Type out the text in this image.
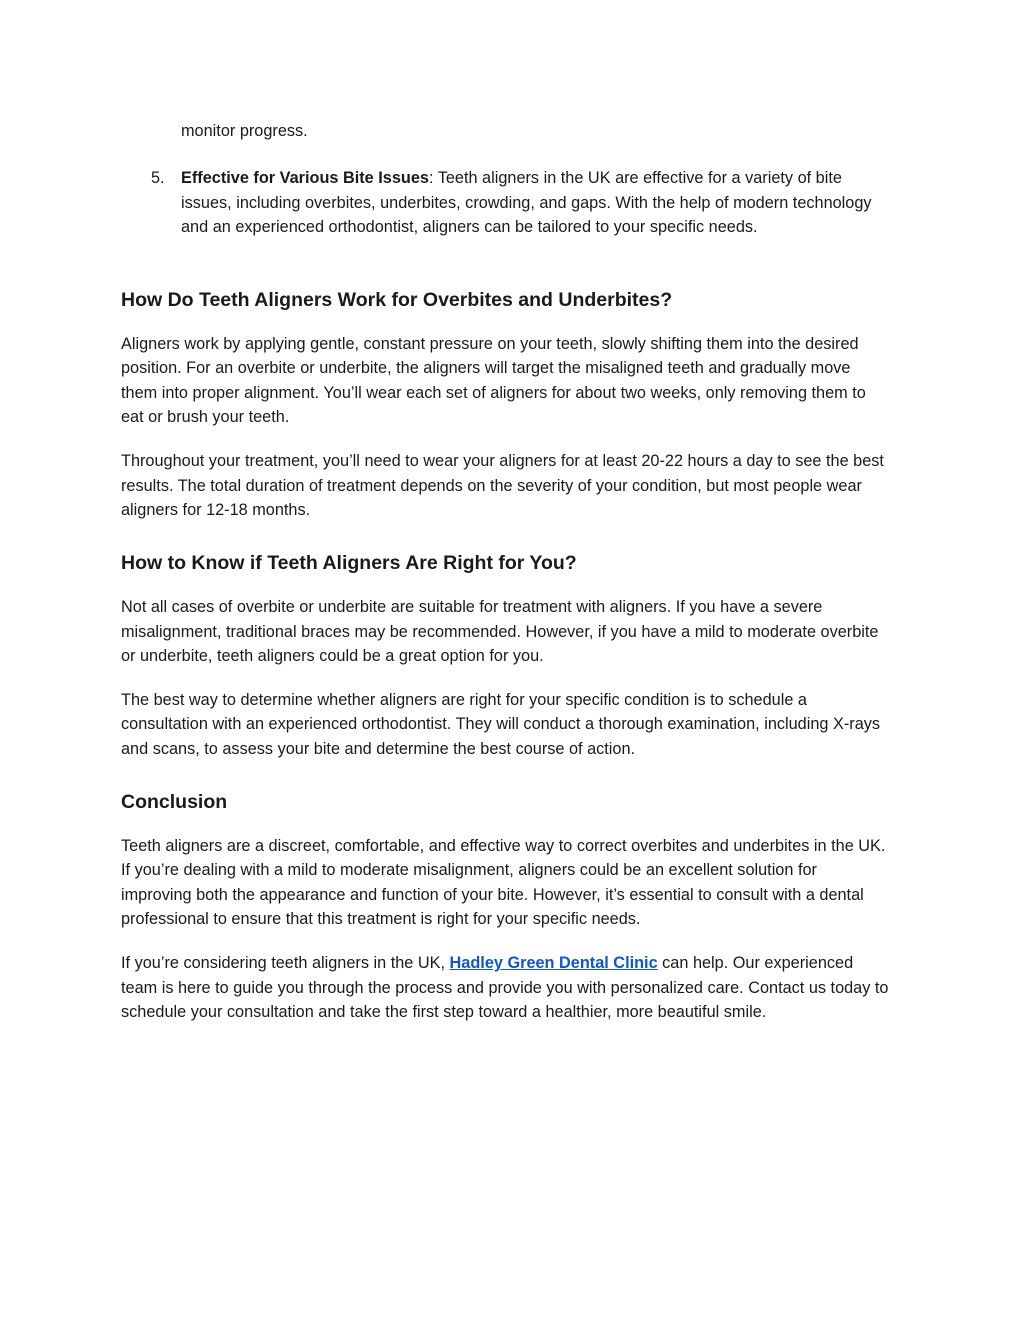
monitor progress.

5. Effective for Various Bite Issues: Teeth aligners in the UK are effective for a variety of bite issues, including overbites, underbites, crowding, and gaps. With the help of modern technology and an experienced orthodontist, aligners can be tailored to your specific needs.

How Do Teeth Aligners Work for Overbites and Underbites?

Aligners work by applying gentle, constant pressure on your teeth, slowly shifting them into the desired position. For an overbite or underbite, the aligners will target the misaligned teeth and gradually move them into proper alignment. You’ll wear each set of aligners for about two weeks, only removing them to eat or brush your teeth.

Throughout your treatment, you’ll need to wear your aligners for at least 20-22 hours a day to see the best results. The total duration of treatment depends on the severity of your condition, but most people wear aligners for 12-18 months.

How to Know if Teeth Aligners Are Right for You?

Not all cases of overbite or underbite are suitable for treatment with aligners. If you have a severe misalignment, traditional braces may be recommended. However, if you have a mild to moderate overbite or underbite, teeth aligners could be a great option for you.

The best way to determine whether aligners are right for your specific condition is to schedule a consultation with an experienced orthodontist. They will conduct a thorough examination, including X-rays and scans, to assess your bite and determine the best course of action.

Conclusion

Teeth aligners are a discreet, comfortable, and effective way to correct overbites and underbites in the UK. If you’re dealing with a mild to moderate misalignment, aligners could be an excellent solution for improving both the appearance and function of your bite. However, it’s essential to consult with a dental professional to ensure that this treatment is right for your specific needs.

If you’re considering teeth aligners in the UK, Hadley Green Dental Clinic can help. Our experienced team is here to guide you through the process and provide you with personalized care. Contact us today to schedule your consultation and take the first step toward a healthier, more beautiful smile.
